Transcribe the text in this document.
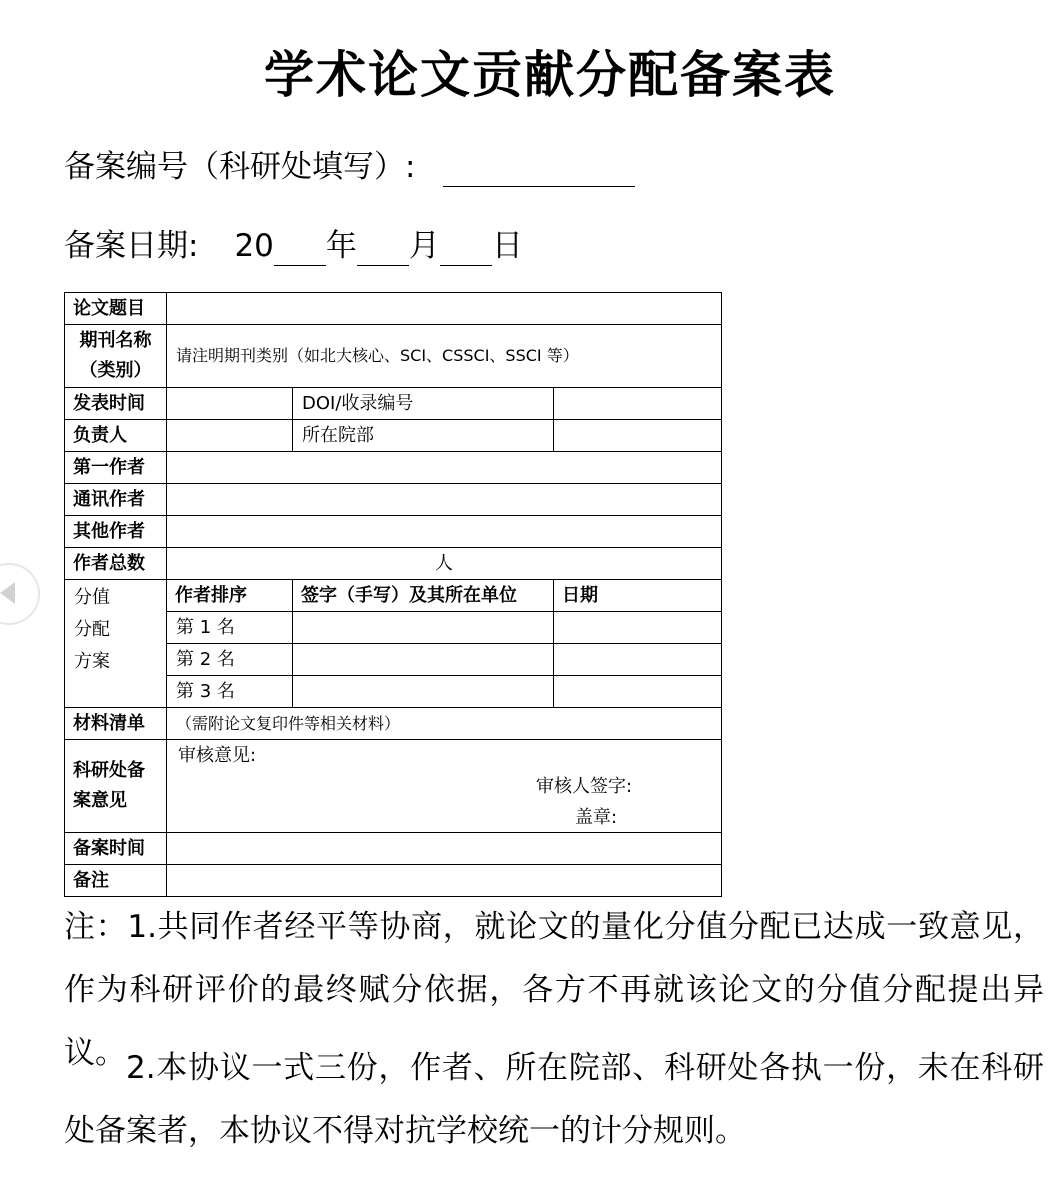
学术论文贡献分配备案表
备案编号（科研处填写）:
备案日期: 20 年 月 日
论文题目			
期刊名称
（类别）	请注明期刊类别（如北大核心、SCI、CSSCI、SSCI 等）		
发表时间		DOI/收录编号	
负责人		所在院部	
第一作者			
通讯作者			
其他作者			
作者总数	人		

分值
分配
方案	作者排序	签字（手写）及其所在单位	日期
	第 1 名		
	第 2 名		
	第 3 名		
材料清单	（需附论文复印件等相关材料）		
科研处备
案意见	审核意见:
审核人签字:
盖章:		

备案时间			
备注			
注：1.共同作者经平等协商，就论文的量化分值分配已达成一致意见，作为科研评价的最终赋分依据，各方不再就该论文的分值分配提出异议。 2.本协议一式三份，作者、所在院部、科研处各执一份，未在科研处备案者，本协议不得对抗学校统一的计分规则。
